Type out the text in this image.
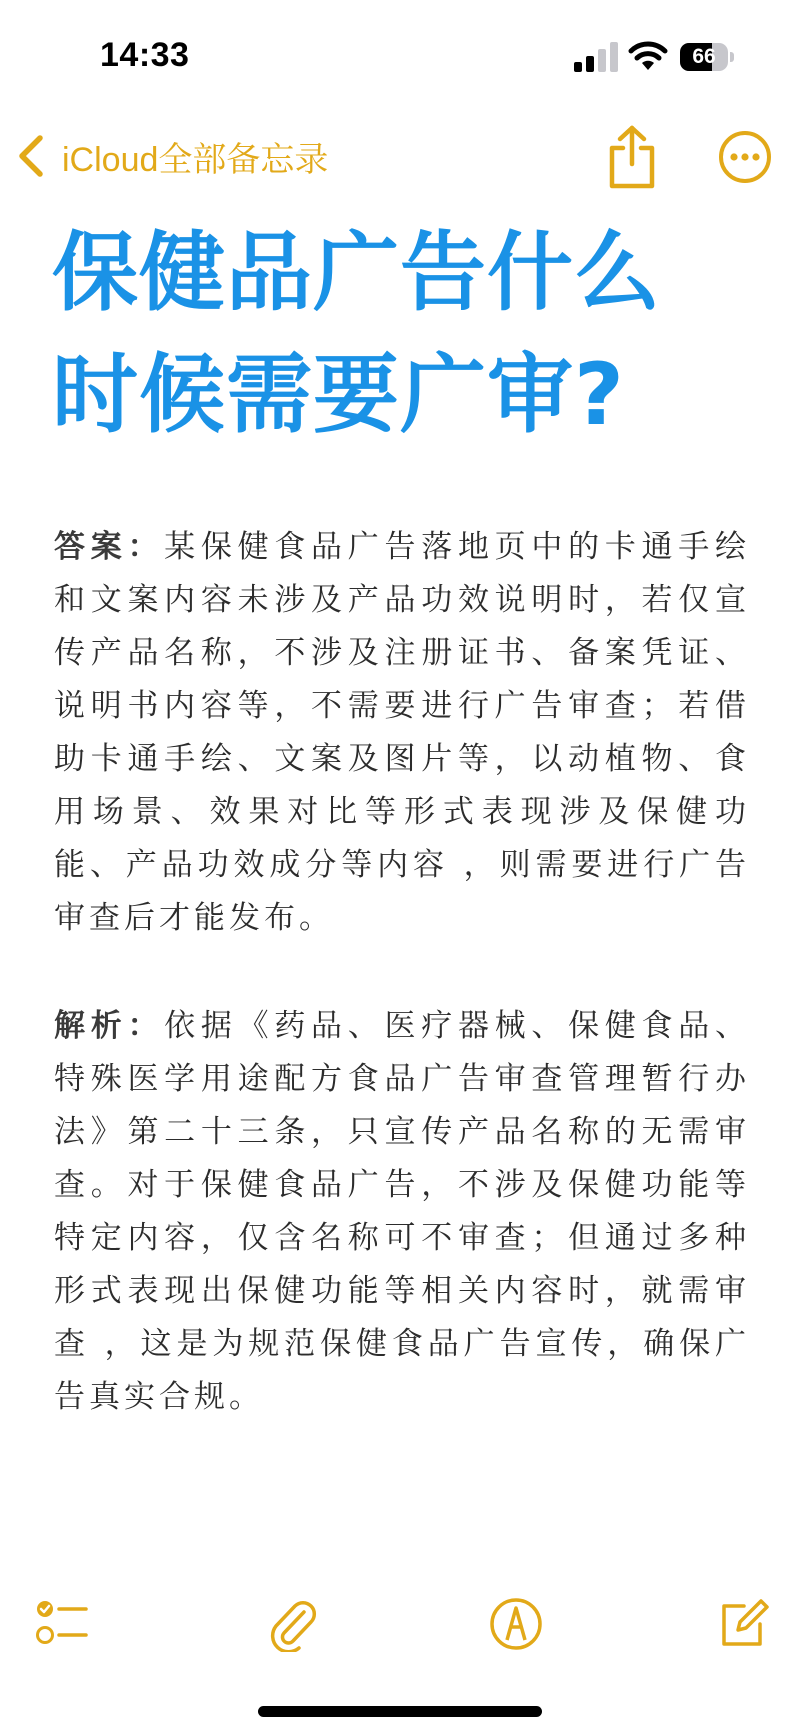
14:33	66
iCloud全部备忘录
保健品广告什么
时候需要广审?

答案：某保健食品广告落地页中的卡通手绘和文案内容未涉及产品功效说明时，若仅宣传产品名称，不涉及注册证书、备案凭证、说明书内容等，不需要进行广告审查；若借助卡通手绘、文案及图片等，以动植物、食用场景、效果对比等形式表现涉及保健功能、产品功效成分等内容 ，则需要进行广告审查后才能发布。

解析：依据《药品、医疗器械、保健食品、特殊医学用途配方食品广告审查管理暂行办法》第二十三条，只宣传产品名称的无需审查。对于保健食品广告，不涉及保健功能等特定内容，仅含名称可不审查；但通过多种形式表现出保健功能等相关内容时，就需审查 ，这是为规范保健食品广告宣传，确保广告真实合规。
